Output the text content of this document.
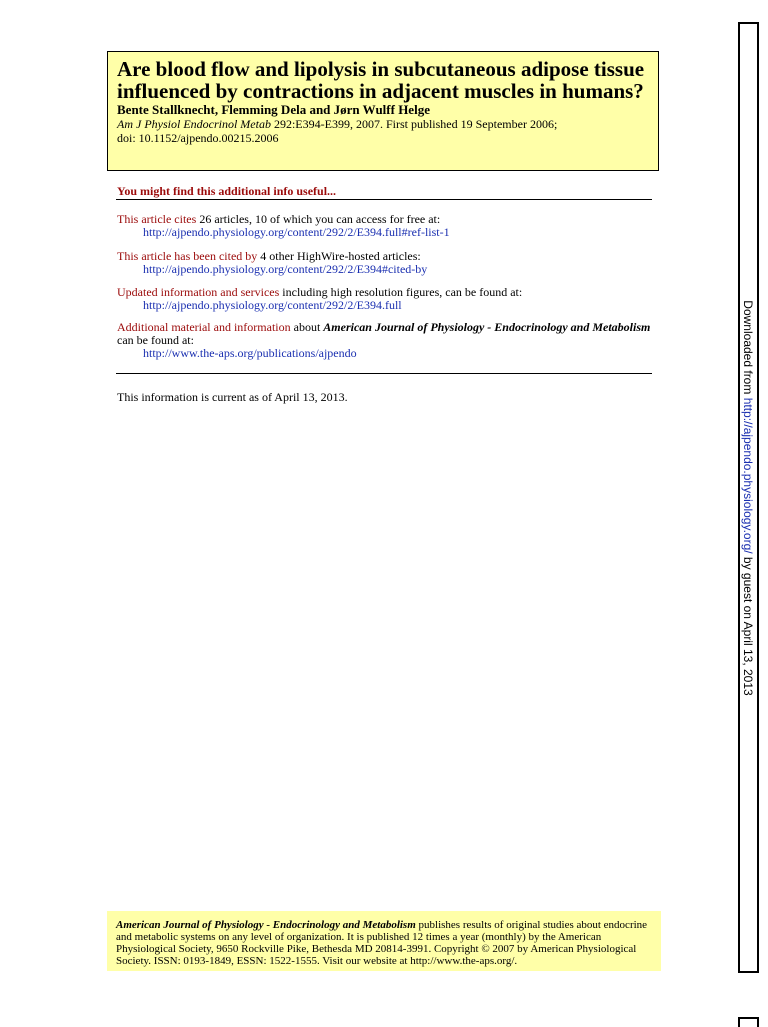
Are blood flow and lipolysis in subcutaneous adipose tissue influenced by contractions in adjacent muscles in humans?
Bente Stallknecht, Flemming Dela and Jørn Wulff Helge
Am J Physiol Endocrinol Metab 292:E394-E399, 2007. First published 19 September 2006;
doi: 10.1152/ajpendo.00215.2006
You might find this additional info useful...
This article cites 26 articles, 10 of which you can access for free at:
http://ajpendo.physiology.org/content/292/2/E394.full#ref-list-1
This article has been cited by 4 other HighWire-hosted articles:
http://ajpendo.physiology.org/content/292/2/E394#cited-by
Updated information and services including high resolution figures, can be found at:
http://ajpendo.physiology.org/content/292/2/E394.full
Additional material and information about American Journal of Physiology - Endocrinology and Metabolism can be found at:
http://www.the-aps.org/publications/ajpendo
This information is current as of April 13, 2013.
American Journal of Physiology - Endocrinology and Metabolism publishes results of original studies about endocrine and metabolic systems on any level of organization. It is published 12 times a year (monthly) by the American Physiological Society, 9650 Rockville Pike, Bethesda MD 20814-3991. Copyright © 2007 by American Physiological Society. ISSN: 0193-1849, ESSN: 1522-1555. Visit our website at http://www.the-aps.org/.
Downloaded from http://ajpendo.physiology.org/ by guest on April 13, 2013
